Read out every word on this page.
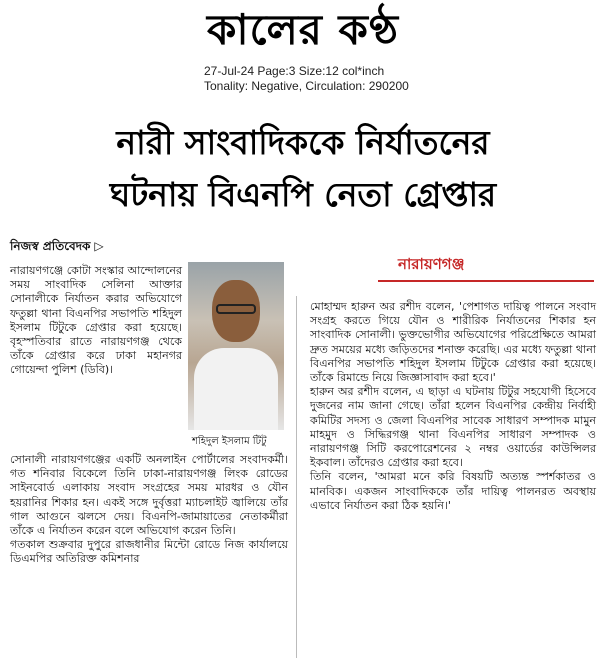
কালের কণ্ঠ
27-Jul-24 Page:3 Size:12 col*inch
Tonality: Negative, Circulation: 290200
নারী সাংবাদিককে নির্যাতনের
ঘটনায় বিএনপি নেতা গ্রেপ্তার
নিজস্ব প্রতিবেদক ▷
নারায়ণগঞ্জ
শহিদুল ইসলাম টিটু

নারায়ণগঞ্জে কোটা সংস্কার আন্দোলনের সময় সাংবাদিক সেলিনা আক্তার সোনালীকে নির্যাতন করার অভিযোগে ফতুল্লা থানা বিএনপির সভাপতি শহিদুল ইসলাম টিটুকে গ্রেপ্তার করা হয়েছে। বৃহস্পতিবার রাতে নারায়ণগঞ্জ থেকে তাঁকে গ্রেপ্তার করে ঢাকা মহানগর গোয়েন্দা পুলিশ (ডিবি)।

সোনালী নারায়ণগঞ্জের একটি অনলাইন পোর্টালের সংবাদকর্মী। গত শনিবার বিকেলে তিনি ঢাকা-নারায়ণগঞ্জ লিংক রোডের সাইনবোর্ড এলাকায় সংবাদ সংগ্রহের সময় মারধর ও যৌন হয়রানির শিকার হন। একই সঙ্গে দুর্বৃত্তরা ম্যাচলাইট জ্বালিয়ে তাঁর গাল আগুনে ঝলসে দেয়। বিএনপি-জামায়াতের নেতাকর্মীরা তাঁকে এ নির্যাতন করেন বলে অভিযোগ করেন তিনি।

গতকাল শুক্রবার দুপুরে রাজধানীর মিন্টো রোডে নিজ কার্যালয়ে ডিএমপির অতিরিক্ত কমিশনার

মোহাম্মদ হারুন অর রশীদ বলেন, 'পেশাগত দায়িত্ব পালনে সংবাদ সংগ্রহ করতে গিয়ে যৌন ও শারীরিক নির্যাতনের শিকার হন সাংবাদিক সোনালী। ভুক্তভোগীর অভিযোগের পরিপ্রেক্ষিতে আমরা দ্রুত সময়ের মধ্যে জড়িতদের শনাক্ত করেছি। এর মধ্যে ফতুল্লা থানা বিএনপির সভাপতি শহিদুল ইসলাম টিটুকে গ্রেপ্তার করা হয়েছে। তাঁকে রিমান্ডে নিয়ে জিজ্ঞাসাবাদ করা হবে।'

হারুন অর রশীদ বলেন, এ ছাড়া এ ঘটনায় টিটুর সহযোগী হিসেবে দুজনের নাম জানা গেছে। তাঁরা হলেন বিএনপির কেন্দ্রীয় নির্বাহী কমিটির সদস্য ও জেলা বিএনপির সাবেক সাধারণ সম্পাদক মামুন মাহমুদ ও সিদ্ধিরগঞ্জ থানা বিএনপির সাধারণ সম্পাদক ও নারায়ণগঞ্জ সিটি করপোরেশনের ২ নম্বর ওয়ার্ডের কাউন্সিলর ইকবাল। তাঁদেরও গ্রেপ্তার করা হবে।

তিনি বলেন, 'আমরা মনে করি বিষয়টি অত্যন্ত স্পর্শকাতর ও মানবিক। একজন সাংবাদিককে তাঁর দায়িত্ব পালনরত অবস্থায় এভাবে নির্যাতন করা ঠিক হয়নি।'
